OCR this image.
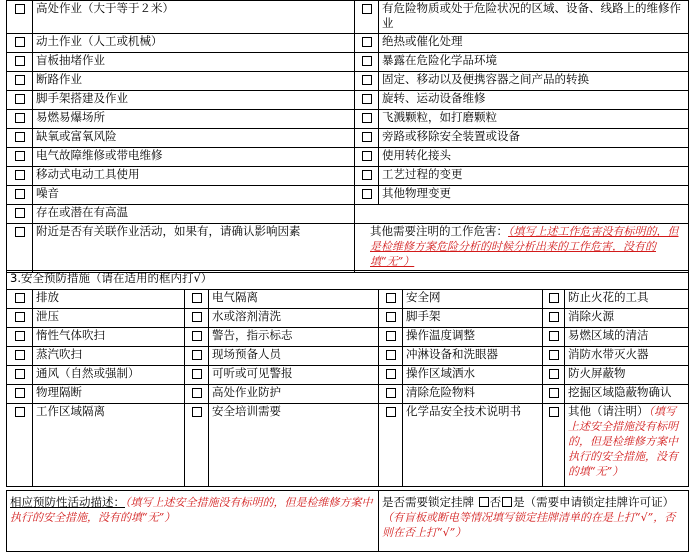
	高处作业（大于等于２米）		有危险物质或处于危险状况的区域、设备、线路上的维修作业
	动土作业（人工或机械）		绝热或催化处理
	盲板抽堵作业		暴露在危险化学品环境
	断路作业		固定、移动以及便携容器之间产品的转换
	脚手架搭建及作业		旋转、运动设备维修
	易燃易爆场所		飞溅颗粒，如打磨颗粒
	缺氧或富氧风险		旁路或移除安全装置或设备
	电气故障维修或带电维修		使用转化接头
	移动式电动工具使用		工艺过程的变更
	噪音		其他物理变更
	存在或潜在有高温		
	附近是否有关联作业活动，如果有，请确认影响因素	其他需要注明的工作危害：（填写上述工作危害没有标明的，但是检维修方案危险分析的时候分析出来的工作危害，没有的填“无”）	
3.安全预防措施（请在适用的框内打√）							
	排放		电气隔离		安全网		防止火花的工具
	泄压		水或溶剂清洗		脚手架		消除火源
	惰性气体吹扫		警告，指示标志		操作温度调整		易燃区域的清洁
	蒸汽吹扫		现场预备人员		冲淋设备和洗眼器		消防水带灭火器
	通风（自然或强制）		可听或可见警报		操作区域洒水		防火屏蔽物
	物理隔断		高处作业防护		清除危险物料		挖掘区域隐蔽物确认
	工作区域隔离		安全培训需要		化学品安全技术说明书		其他（请注明）（填写上述安全措施没有标明的，但是检维修方案中执行的安全措施，没有的填“无”）
相应预防性活动描述：（填写上述安全措施没有标明的，但是检维修方案中执行的安全措施，没有的填“无”）	是否需要锁定挂牌 否 是（需要申请锁定挂牌许可证）
（有盲板或断电等情况填写锁定挂牌清单的在是上打“√”，否则在否上打“√”）
